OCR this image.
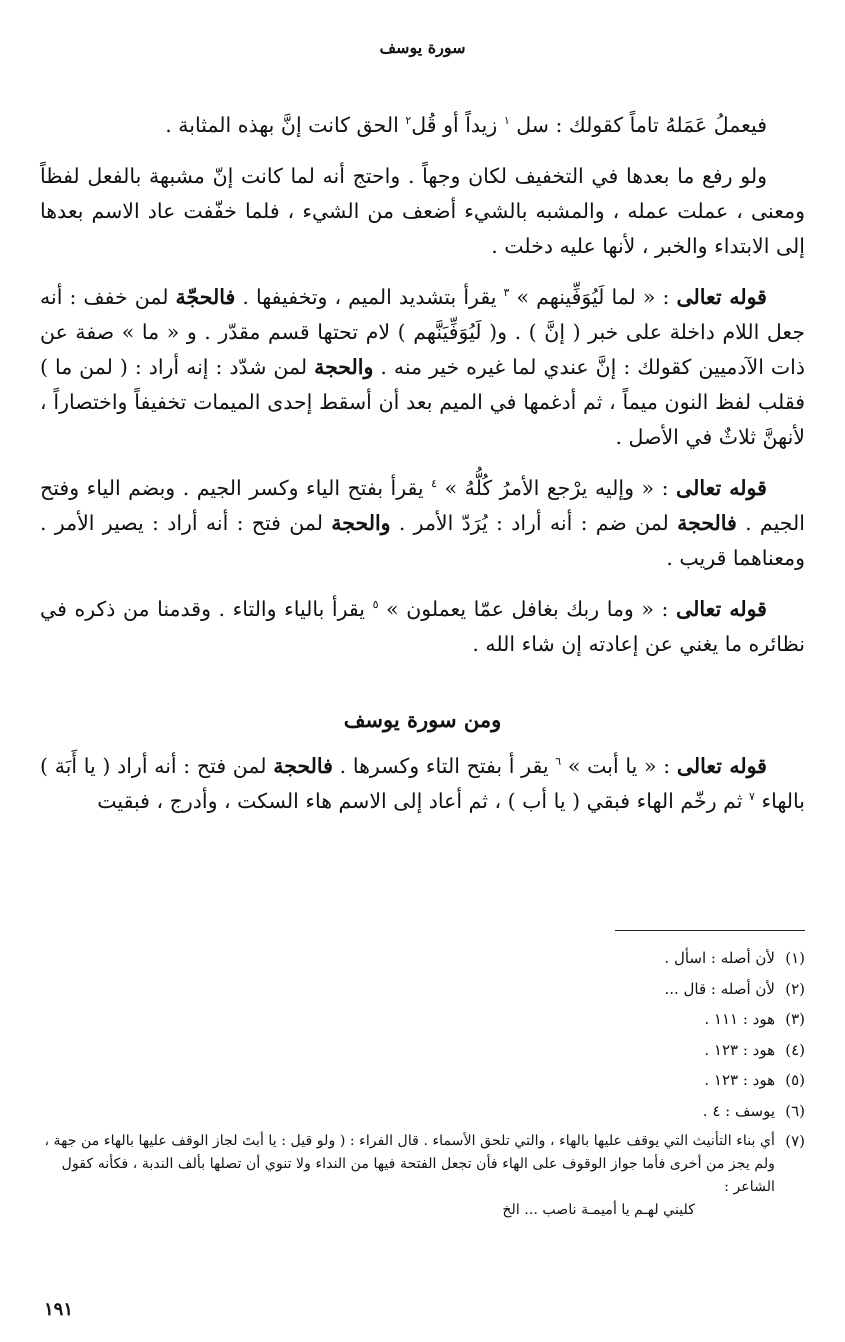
سورة يوسف

فيعملُ عَمَلهُ تاماً كقولك : سل $^١$ زيداً أو قُل$^٢$ الحق كانت إنَّ بهذه المثابة .

ولو رفع ما بعدها في التخفيف لكان وجهاً . واحتج أنه لما كانت إنّ مشبهة بالفعل لفظاً ومعنى ، عملت عمله ، والمشبه بالشيء أضعف من الشيء ، فلما خفّفت عاد الاسم بعدها إلى الابتداء والخبر ، لأنها عليه دخلت .

قوله تعالى : « لما لَيُوَفِّينهم » $^٣$ يقرأ بتشديد الميم ، وتخفيفها . فالحجّة لمن خفف : أنه جعل اللام داخلة على خبر ( إنَّ ) . و( لَيُوَفِّيَنَّهم ) لام تحتها قسم مقدّر . و « ما » صفة عن ذات الآدميين كقولك : إنَّ عندي لما غيره خير منه . والحجة لمن شدّد : إنه أراد : ( لمن ما ) فقلب لفظ النون ميماً ، ثم أدغمها في الميم بعد أن أسقط إحدى الميمات تخفيفاً واختصاراً ، لأنهنَّ ثلاثٌ في الأصل .

قوله تعالى : « وإليه يرْجع الأمرُ كُلُّهُ » $^٤$ يقرأ بفتح الياء وكسر الجيم . وبضم الياء وفتح الجيم . فالحجة لمن ضم : أنه أراد : يُرَدّ الأمر . والحجة لمن فتح : أنه أراد : يصير الأمر . ومعناهما قريب .

قوله تعالى : « وما ربك بغافل عمّا يعملون » $^٥$ يقرأ بالياء والتاء . وقدمنا من ذكره في نظائره ما يغني عن إعادته إن شاء الله .

ومن سورة يوسف

قوله تعالى : « يا أبت » $^٦$ يقر أ بفتح التاء وكسرها . فالحجة لمن فتح : أنه أراد ( يا أَبَة ) بالهاء $^٧$ ثم رخّم الهاء فبقي ( يا أب ) ، ثم أعاد إلى الاسم هاء السكت ، وأدرج ، فبقيت

(١)
لأن أصله : اسأل .
(٢)
لأن أصله : قال ...
(٣)
هود : ١١١ .
(٤)
هود : ١٢٣ .
(٥)
هود : ١٢٣ .
(٦)
يوسف : ٤ .
(٧)
أي بناء التأنيث التي يوقف عليها بالهاء ، والتي تلحق الأسماء . قال الفراء : ( ولو قيل : يا أبتَ لجاز الوقف عليها بالهاء من جهة ، ولم يجز من أخرى فأما جواز الوقوف على الهاء فأن تجعل الفتحة فيها من النداء ولا تنوي أن تصلها بألف الندبة ، فكأنه كقول الشاعر :
كليني لهـم يا أميمـة ناصب ... الخ
١٩١
